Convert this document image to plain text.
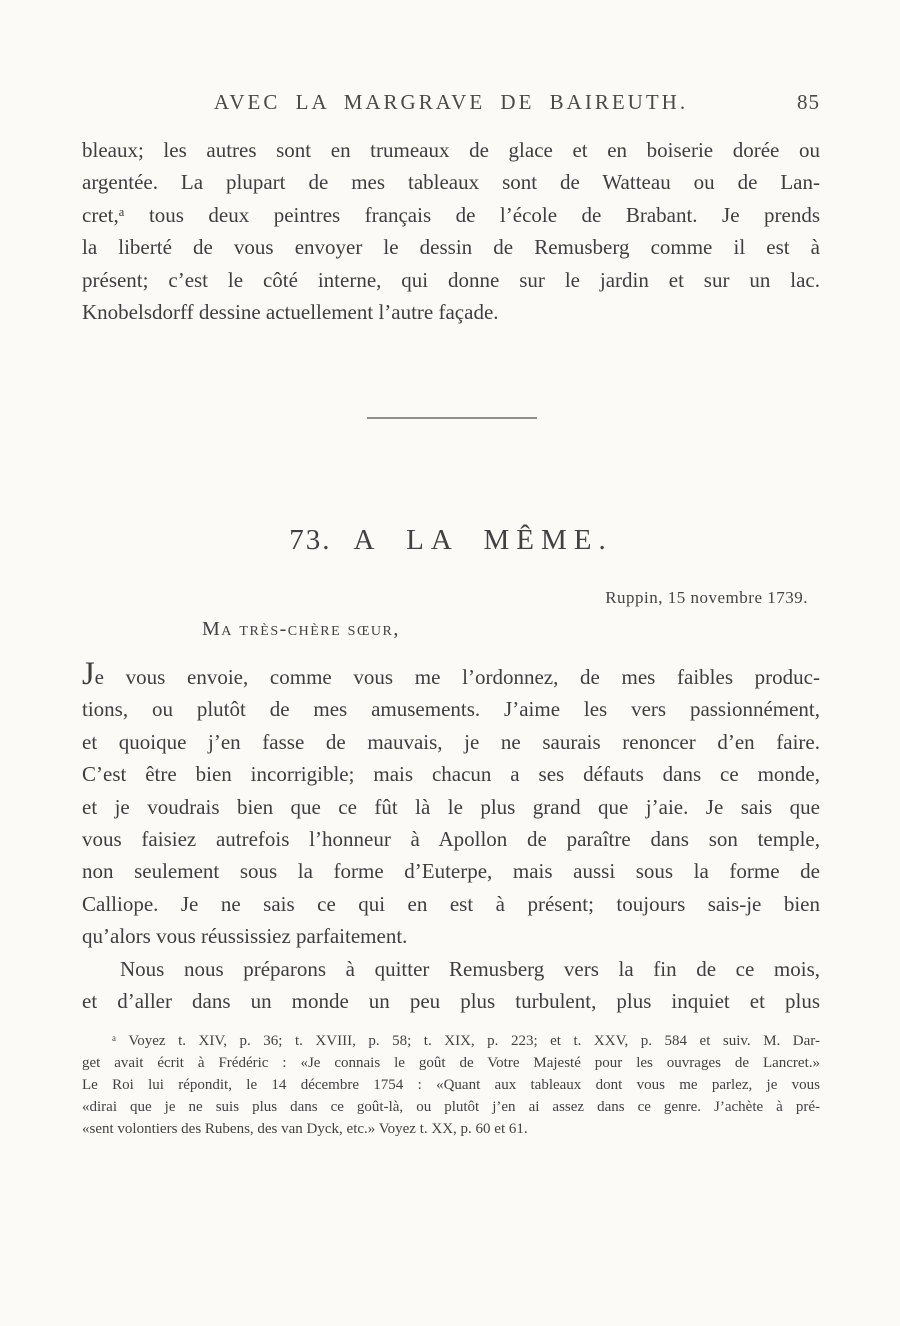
AVEC LA MARGRAVE DE BAIREUTH.	85
bleaux; les autres sont en trumeaux de glace et en boiserie dorée ou
argentée. La plupart de mes tableaux sont de Watteau ou de Lan-
cret,ᵃ tous deux peintres français de l’école de Brabant. Je prends
la liberté de vous envoyer le dessin de Remusberg comme il est à
présent; c’est le côté interne, qui donne sur le jardin et sur un lac.
Knobelsdorff dessine actuellement l’autre façade.
73. A LA MÊME.
Ruppin, 15 novembre 1739.
Ma très-chère sœur,
Je vous envoie, comme vous me l’ordonnez, de mes faibles produc-
tions, ou plutôt de mes amusements. J’aime les vers passionnément,
et quoique j’en fasse de mauvais, je ne saurais renoncer d’en faire.
C’est être bien incorrigible; mais chacun a ses défauts dans ce monde,
et je voudrais bien que ce fût là le plus grand que j’aie. Je sais que
vous faisiez autrefois l’honneur à Apollon de paraître dans son temple,
non seulement sous la forme d’Euterpe, mais aussi sous la forme de
Calliope. Je ne sais ce qui en est à présent; toujours sais-je bien
qu’alors vous réussissiez parfaitement.
Nous nous préparons à quitter Remusberg vers la fin de ce mois,
et d’aller dans un monde un peu plus turbulent, plus inquiet et plus
ᵃ Voyez t. XIV, p. 36; t. XVIII, p. 58; t. XIX, p. 223; et t. XXV, p. 584 et suiv. M. Dar-
get avait écrit à Frédéric : «Je connais le goût de Votre Majesté pour les ouvrages de Lancret.»
Le Roi lui répondit, le 14 décembre 1754 : «Quant aux tableaux dont vous me parlez, je vous
«dirai que je ne suis plus dans ce goût-là, ou plutôt j’en ai assez dans ce genre. J’achète à pré-
«sent volontiers des Rubens, des van Dyck, etc.» Voyez t. XX, p. 60 et 61.
